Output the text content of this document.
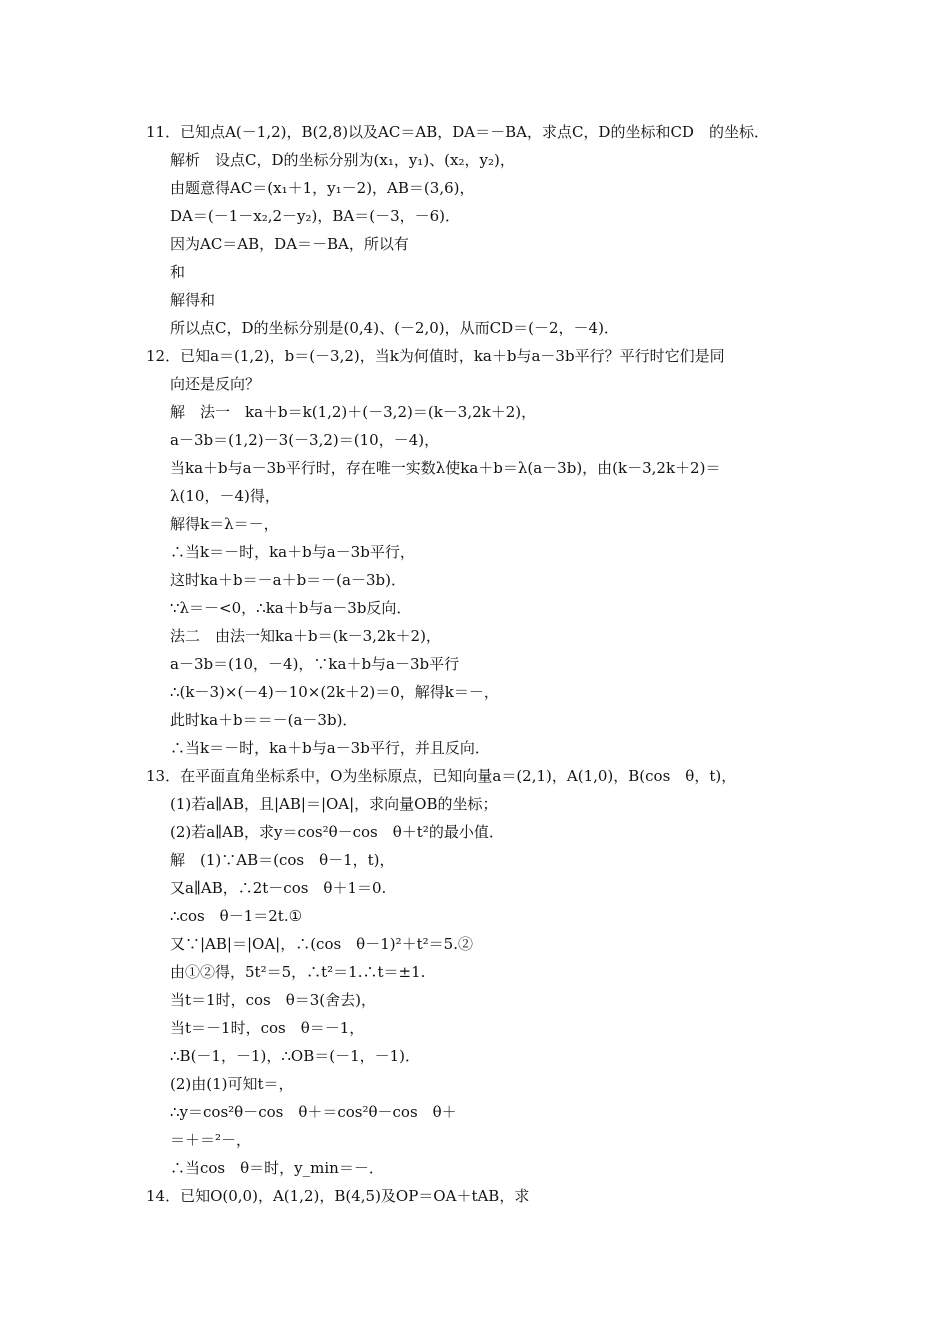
11．已知点A(－1,2)，B(2,8)以及AC＝AB，DA＝－BA，求点C，D的坐标和CD　的坐标．
解析　设点C，D的坐标分别为(x₁，y₁)、(x₂，y₂)，
由题意得AC＝(x₁＋1，y₁－2)，AB＝(3,6)，
DA＝(－1－x₂,2－y₂)，BA＝(－3，－6)．
因为AC＝AB，DA＝－BA，所以有
和
解得和
所以点C，D的坐标分别是(0,4)、(－2,0)，从而CD＝(－2，－4)．
12．已知a＝(1,2)，b＝(－3,2)，当k为何值时，ka＋b与a－3b平行？平行时它们是同
向还是反向？
解　法一　ka＋b＝k(1,2)＋(－3,2)＝(k－3,2k＋2)，
a－3b＝(1,2)－3(－3,2)＝(10，－4)，
当ka＋b与a－3b平行时，存在唯一实数λ使ka＋b＝λ(a－3b)，由(k－3,2k＋2)＝
λ(10，－4)得，
解得k＝λ＝－，
∴当k＝－时，ka＋b与a－3b平行，
这时ka＋b＝－a＋b＝－(a－3b)．
∵λ＝－<0，∴ka＋b与a－3b反向．
法二　由法一知ka＋b＝(k－3,2k＋2)，
a－3b＝(10，－4)，∵ka＋b与a－3b平行
∴(k－3)×(－4)－10×(2k＋2)＝0，解得k＝－，
此时ka＋b＝＝－(a－3b)．
∴当k＝－时，ka＋b与a－3b平行，并且反向．
13．在平面直角坐标系中，O为坐标原点，已知向量a＝(2,1)，A(1,0)，B(cos　θ，t)，
(1)若a∥AB，且|AB|＝|OA|，求向量OB的坐标；
(2)若a∥AB，求y＝cos²θ－cos　θ＋t²的最小值．
解　(1)∵AB＝(cos　θ－1，t)，
又a∥AB，∴2t－cos　θ＋1＝0.
∴cos　θ－1＝2t.①
又∵|AB|＝|OA|，∴(cos　θ－1)²＋t²＝5.②
由①②得，5t²＝5，∴t²＝1.∴t＝±1.
当t＝1时，cos　θ＝3(舍去)，
当t＝－1时，cos　θ＝－1，
∴B(－1，－1)，∴OB＝(－1，－1)．
(2)由(1)可知t＝，
∴y＝cos²θ－cos　θ＋＝cos²θ－cos　θ＋
＝＋＝²－，
∴当cos　θ＝时，y_min＝－．
14．已知O(0,0)，A(1,2)，B(4,5)及OP＝OA＋tAB，求
